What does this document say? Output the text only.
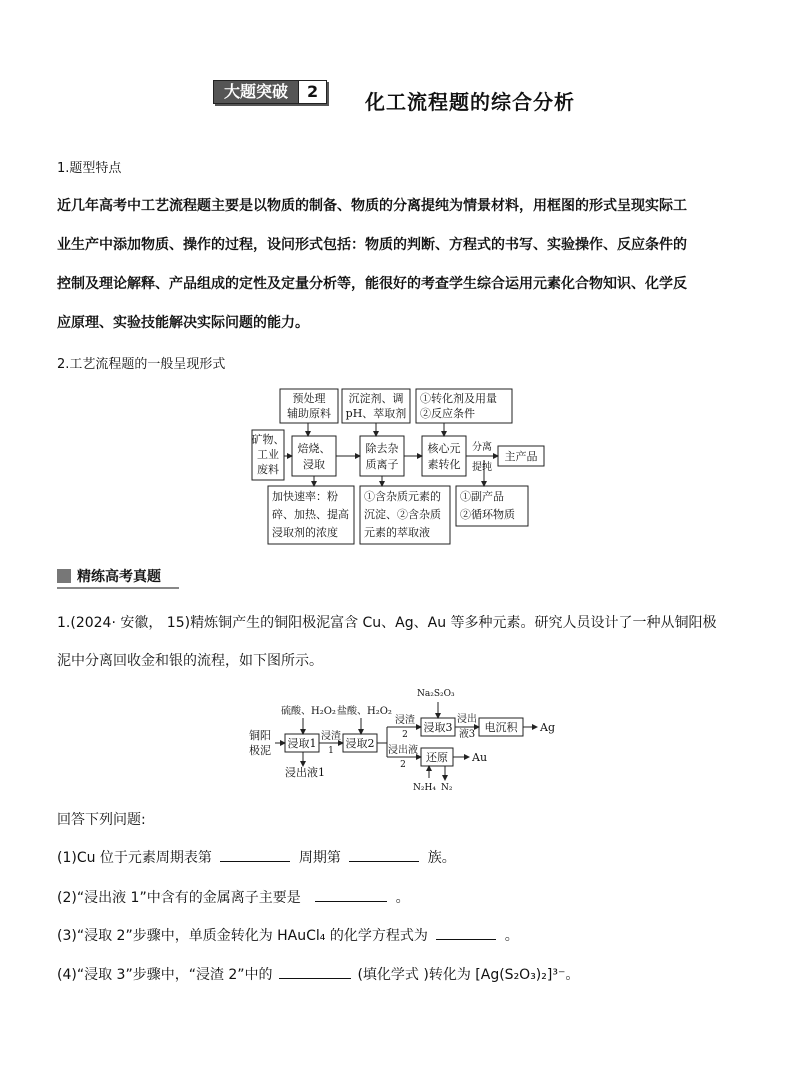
大题突破	2	化工流程题的综合分析
1.题型特点
近几年高考中工艺流程题主要是以物质的制备、物质的分离提纯为情景材料，用框图的形式呈现实际工
业生产中添加物质、操作的过程，设问形式包括：物质的判断、方程式的书写、实验操作、反应条件的
控制及理论解释、产品组成的定性及定量分析等，能很好的考查学生综合运用元素化合物知识、化学反
应原理、实验技能解决实际问题的能力。
2.工艺流程题的一般呈现形式
预处理
辅助原料
沉淀剂、调
pH、萃取剂
①转化剂及用量
②反应条件
矿物、
工业
废料
焙烧、
浸取
除去杂
质离子
核心元
素转化
分离
提纯
主产品
加快速率：粉
碎、加热、提高
浸取剂的浓度
①含杂质元素的
沉淀、②含杂质
元素的萃取液
①副产品
②循环物质
精练高考真题
1.(2024· 安徽， 15)精炼铜产生的铜阳极泥富含 Cu、Ag、Au 等多种元素。研究人员设计了一种从铜阳极
泥中分离回收金和银的流程，如下图所示。
铜阳
极泥
硫酸、H₂O₂ 盐酸、H₂O₂
Na₂S₂O₃
浸取1	浸取2
浸取3	电沉积
还原
浸渣
1
浸渣
2
浸出液
2
浸出
液3
浸出液1
Ag
Au
N₂H₄ N₂
回答下列问题:
(1)Cu 位于元素周期表第	周期第	族。
(2)“浸出液 1”中含有的金属离子主要是	。
(3)“浸取 2”步骤中，单质金转化为 HAuCl₄ 的化学方程式为	。
(4)“浸取 3”步骤中，“浸渣 2”中的	(填化学式 )转化为 [Ag(S₂O₃)₂]³⁻。
